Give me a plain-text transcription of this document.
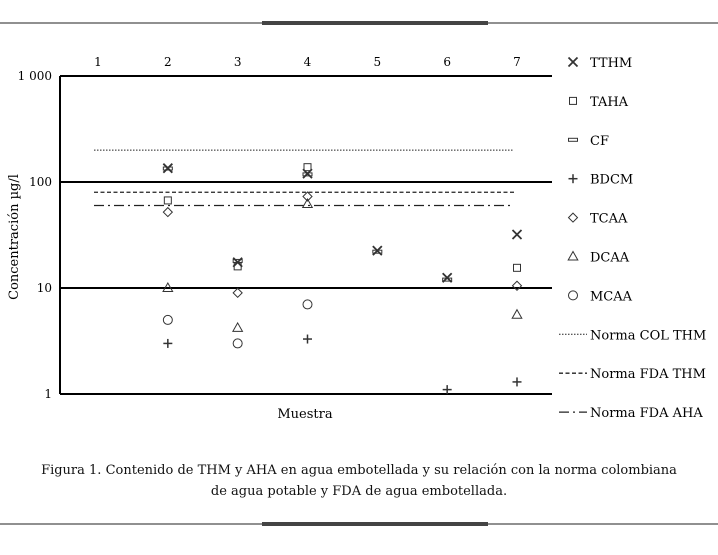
1 000
100
10
1
1	2	3	4	5	6	7	TTHM
TAHA
CF
BDCM
TCAA
DCAA
MCAA
Norma COL THM
Norma FDA THM
Norma FDA AHA
Muestra
Concentración µg/l
Figura 1. Contenido de THM y AHA en agua embotellada y su relación con la norma colombiana
de agua potable y FDA de agua embotellada.
